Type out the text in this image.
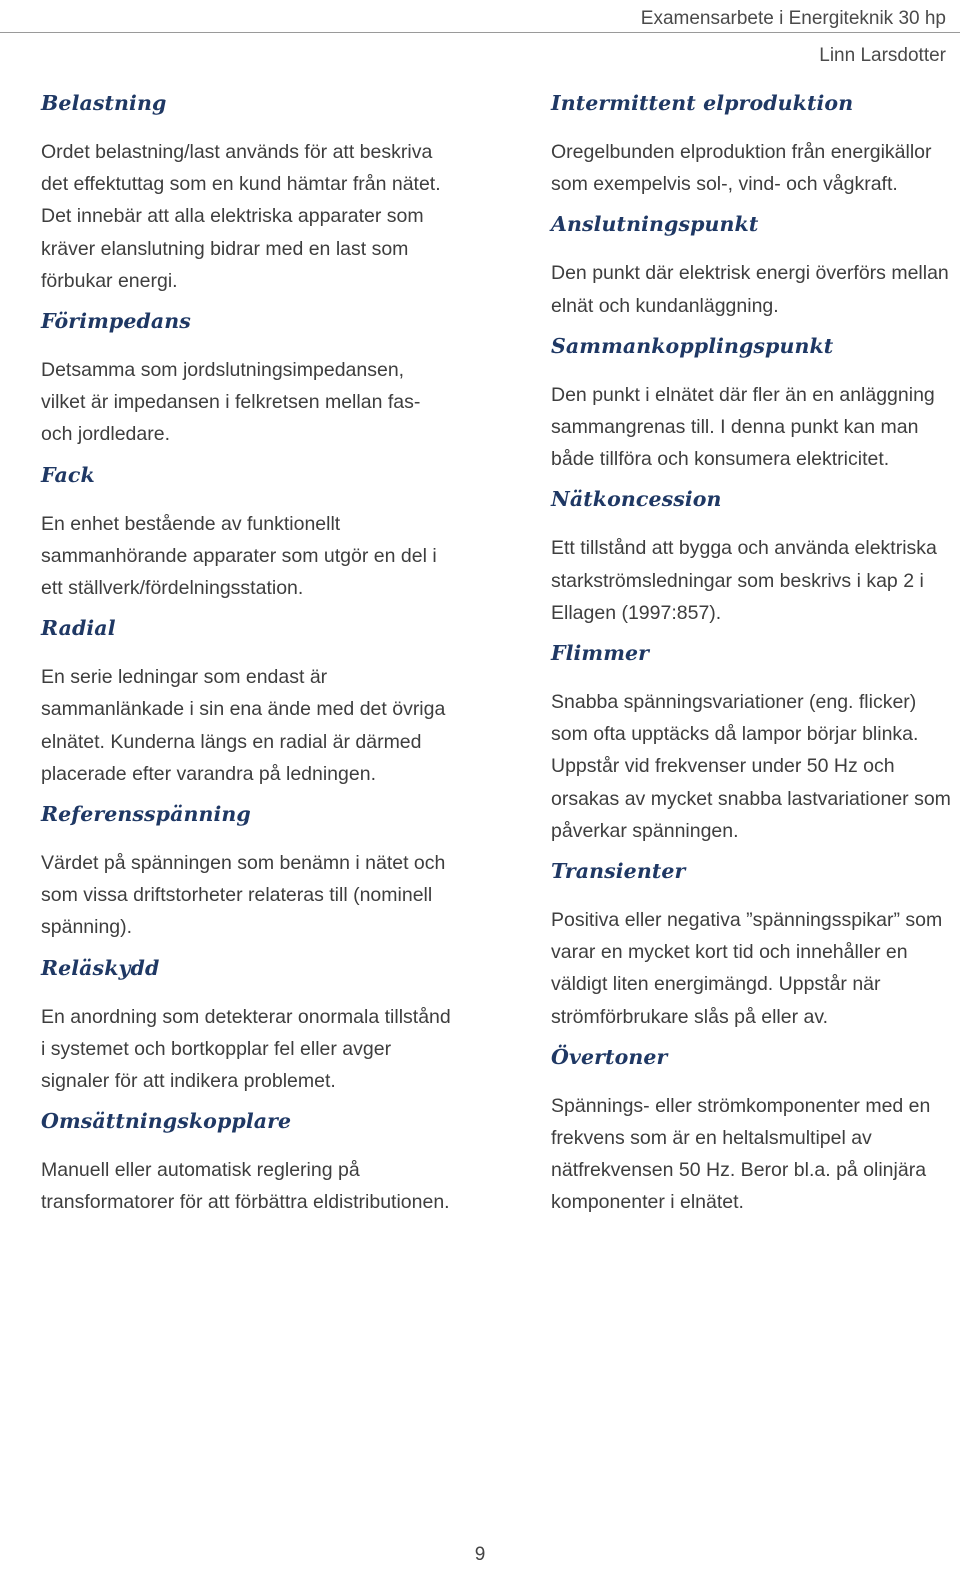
Examensarbete i Energiteknik 30 hp
Linn Larsdotter
Belastning
Ordet belastning/last används för att beskriva det effektuttag som en kund hämtar från nätet. Det innebär att alla elektriska apparater som kräver elanslutning bidrar med en last som förbukar energi.
Förimpedans
Detsamma som jordslutningsimpedansen, vilket är impedansen i felkretsen mellan fas- och jordledare.
Fack
En enhet bestående av funktionellt sammanhörande apparater som utgör en del i ett ställverk/fördelningsstation.
Radial
En serie ledningar som endast är sammanlänkade i sin ena ände med det övriga elnätet. Kunderna längs en radial är därmed placerade efter varandra på ledningen.
Referensspänning
Värdet på spänningen som benämn i nätet och som vissa driftstorheter relateras till (nominell spänning).
Reläskydd
En anordning som detekterar onormala tillstånd i systemet och bortkopplar fel eller avger signaler för att indikera problemet.
Omsättningskopplare
Manuell eller automatisk reglering på transformatorer för att förbättra eldistributionen.
Intermittent elproduktion
Oregelbunden elproduktion från energikällor som exempelvis sol-, vind- och vågkraft.
Anslutningspunkt
Den punkt där elektrisk energi överförs mellan elnät och kundanläggning.
Sammankopplingspunkt
Den punkt i elnätet där fler än en anläggning sammangrenas till. I denna punkt kan man både tillföra och konsumera elektricitet.
Nätkoncession
Ett tillstånd att bygga och använda elektriska starkströmsledningar som beskrivs i kap 2 i Ellagen (1997:857).
Flimmer
Snabba spänningsvariationer (eng. flicker) som ofta upptäcks då lampor börjar blinka. Uppstår vid frekvenser under 50 Hz och orsakas av mycket snabba lastvariationer som påverkar spänningen.
Transienter
Positiva eller negativa ”spänningsspikar” som varar en mycket kort tid och innehåller en väldigt liten energimängd. Uppstår när strömförbrukare slås på eller av.
Övertoner
Spännings- eller strömkomponenter med en frekvens som är en heltalsmultipel av nätfrekvensen 50 Hz. Beror bl.a. på olinjära komponenter i elnätet.
9
